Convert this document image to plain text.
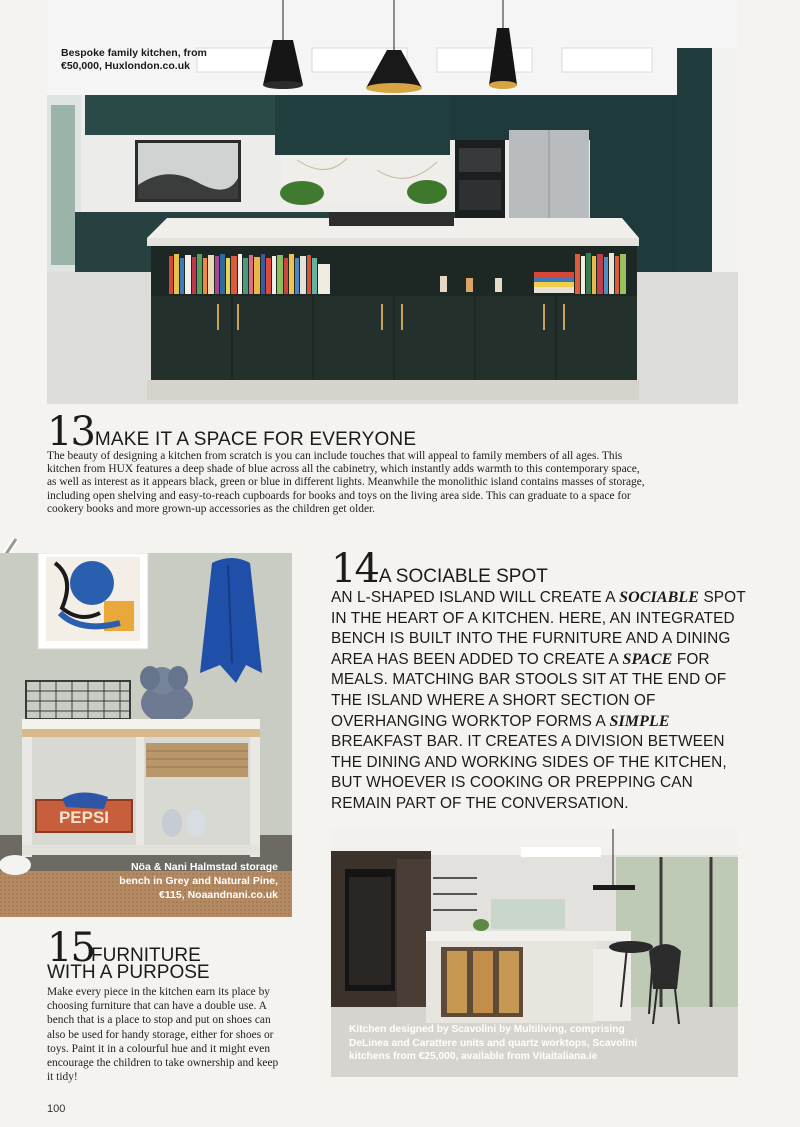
Bespoke family kitchen, from €50,000, Huxlondon.co.uk
13 MAKE IT A SPACE FOR EVERYONE

The beauty of designing a kitchen from scratch is you can include touches that will appeal to family members of all ages. This kitchen from HUX features a deep shade of blue across all the cabinetry, which instantly adds warmth to this contemporary space, as well as interest as it appears black, green or blue in different lights. Meanwhile the monolithic island contains masses of storage, including open shelving and easy-to-reach cupboards for books and toys on the living area side. This can graduate to a space for cookery books and more grown-up accessories as the children get older.

PEPSI
Nöa & Nani Halmstad storage bench in Grey and Natural Pine, €115, Noaandnani.co.uk
14 A SOCIABLE SPOT

AN L-SHAPED ISLAND WILL CREATE A SOCIABLE SPOT IN THE HEART OF A KITCHEN. HERE, AN INTEGRATED BENCH IS BUILT INTO THE FURNITURE AND A DINING AREA HAS BEEN ADDED TO CREATE A SPACE FOR MEALS. MATCHING BAR STOOLS SIT AT THE END OF THE ISLAND WHERE A SHORT SECTION OF OVERHANGING WORKTOP FORMS A SIMPLE BREAKFAST BAR. IT CREATES A DIVISION BETWEEN THE DINING AND WORKING SIDES OF THE KITCHEN, BUT WHOEVER IS COOKING OR PREPPING CAN REMAIN PART OF THE CONVERSATION.

Kitchen designed by Scavolini by Multiliving, comprising DeLinea and Carattere units and quartz worktops, Scavolini kitchens from €25,000, available from Vitaitaliana.ie
15
FURNITURE
WITH A PURPOSE

Make every piece in the kitchen earn its place by choosing furniture that can have a double use. A bench that is a place to stop and put on shoes can also be used for handy storage, either for shoes or toys. Paint it in a colourful hue and it might even encourage the children to take ownership and keep it tidy!

100
